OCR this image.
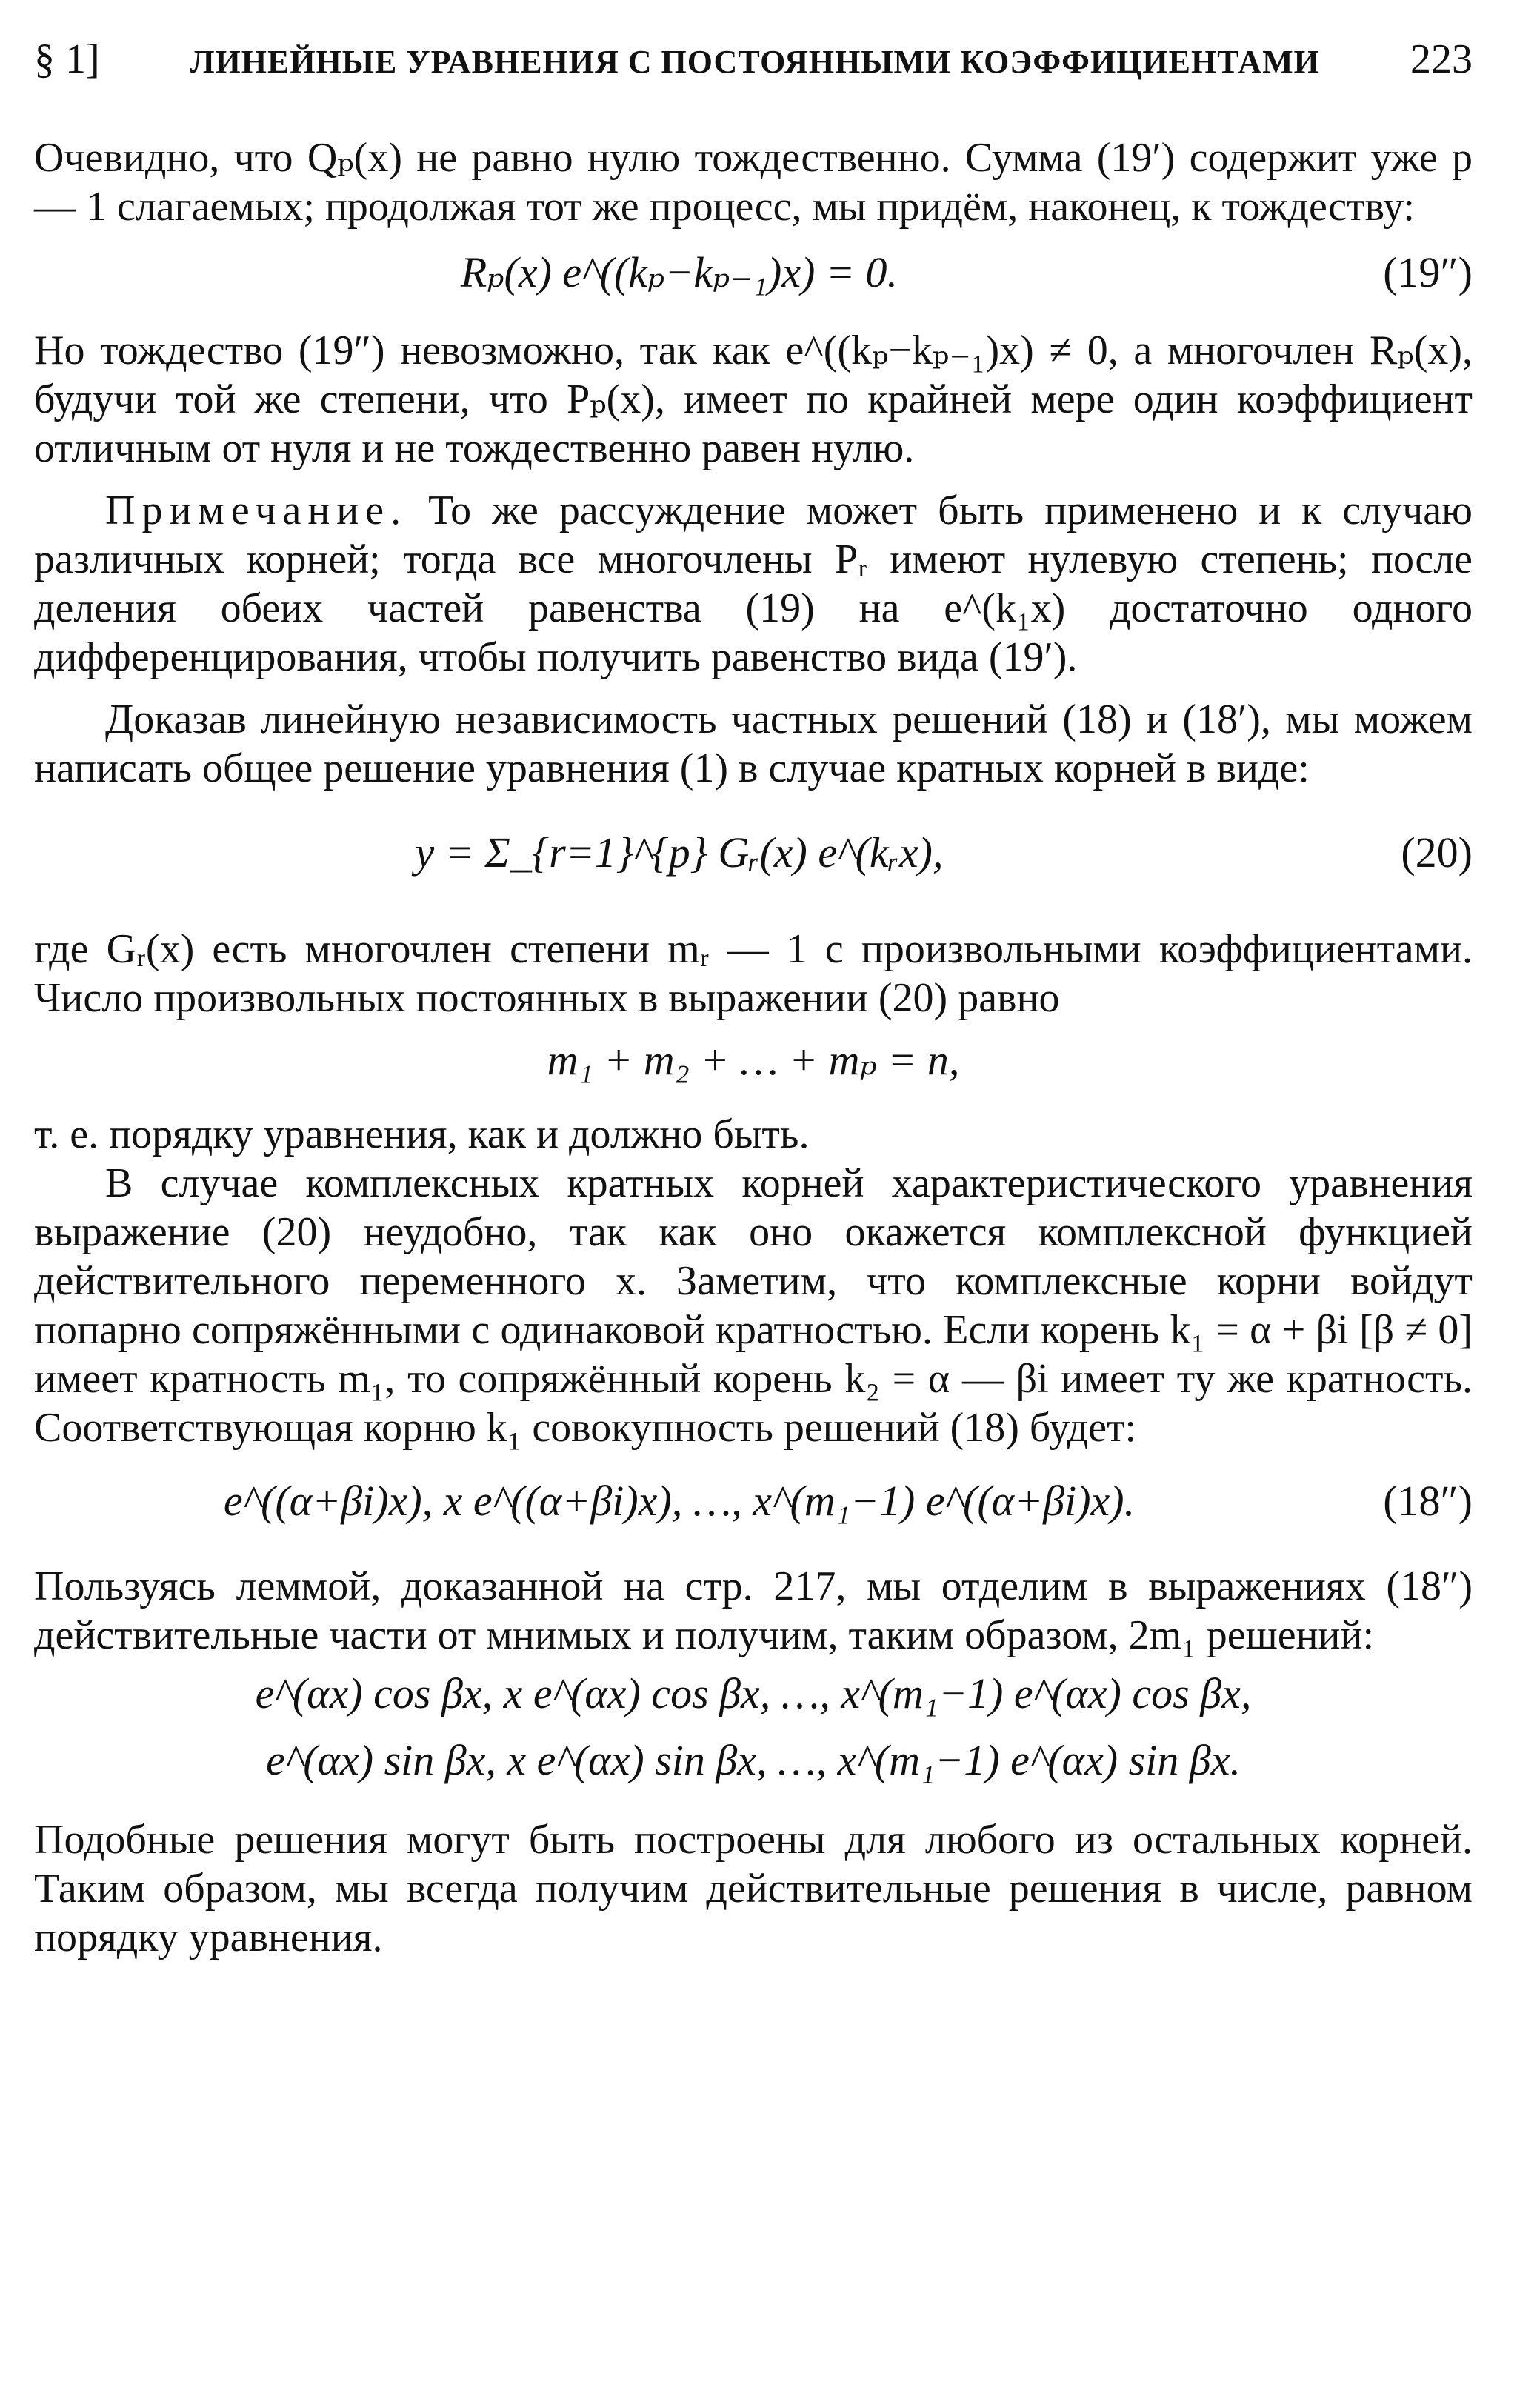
§ 1]	ЛИНЕЙНЫЕ УРАВНЕНИЯ С ПОСТОЯННЫМИ КОЭФФИЦИЕНТАМИ 223

Очевидно, что Qₚ(x) не равно нулю тождественно. Сумма (19′) содержит уже p — 1 слагаемых; продолжая тот же процесс, мы придём, наконец, к тождеству:

Rₚ(x) e^((kₚ−kₚ₋₁)x) = 0.	(19″)

Но тождество (19″) невозможно, так как e^((kₚ−kₚ₋₁)x) ≠ 0, а многочлен Rₚ(x), будучи той же степени, что Pₚ(x), имеет по крайней мере один коэффициент отличным от нуля и не тождественно равен нулю.

Примечание. То же рассуждение может быть применено и к случаю различных корней; тогда все многочлены Pᵣ имеют нулевую степень; после деления обеих частей равенства (19) на e^(k₁x) достаточно одного дифференцирования, чтобы получить равенство вида (19′).

Доказав линейную независимость частных решений (18) и (18′), мы можем написать общее решение уравнения (1) в случае кратных корней в виде:

y = Σ_{r=1}^{p} Gᵣ(x) e^(kᵣx),	(20)

где Gᵣ(x) есть многочлен степени mᵣ — 1 с произвольными коэффициентами. Число произвольных постоянных в выражении (20) равно

m₁ + m₂ + … + mₚ = n,

т. е. порядку уравнения, как и должно быть.

В случае комплексных кратных корней характеристического уравнения выражение (20) неудобно, так как оно окажется комплексной функцией действительного переменного x. Заметим, что комплексные корни войдут попарно сопряжёнными с одинаковой кратностью. Если корень k₁ = α + βi [β ≠ 0] имеет кратность m₁, то сопряжённый корень k₂ = α — βi имеет ту же кратность. Соответствующая корню k₁ совокупность решений (18) будет:

e^((α+βi)x), x e^((α+βi)x), …, x^(m₁−1) e^((α+βi)x).	(18″)

Пользуясь леммой, доказанной на стр. 217, мы отделим в выражениях (18″) действительные части от мнимых и получим, таким образом, 2m₁ решений:

e^(αx) cos βx, x e^(αx) cos βx, …, x^(m₁−1) e^(αx) cos βx,
e^(αx) sin βx, x e^(αx) sin βx, …, x^(m₁−1) e^(αx) sin βx.

Подобные решения могут быть построены для любого из остальных корней. Таким образом, мы всегда получим действительные решения в числе, равном порядку уравнения.
